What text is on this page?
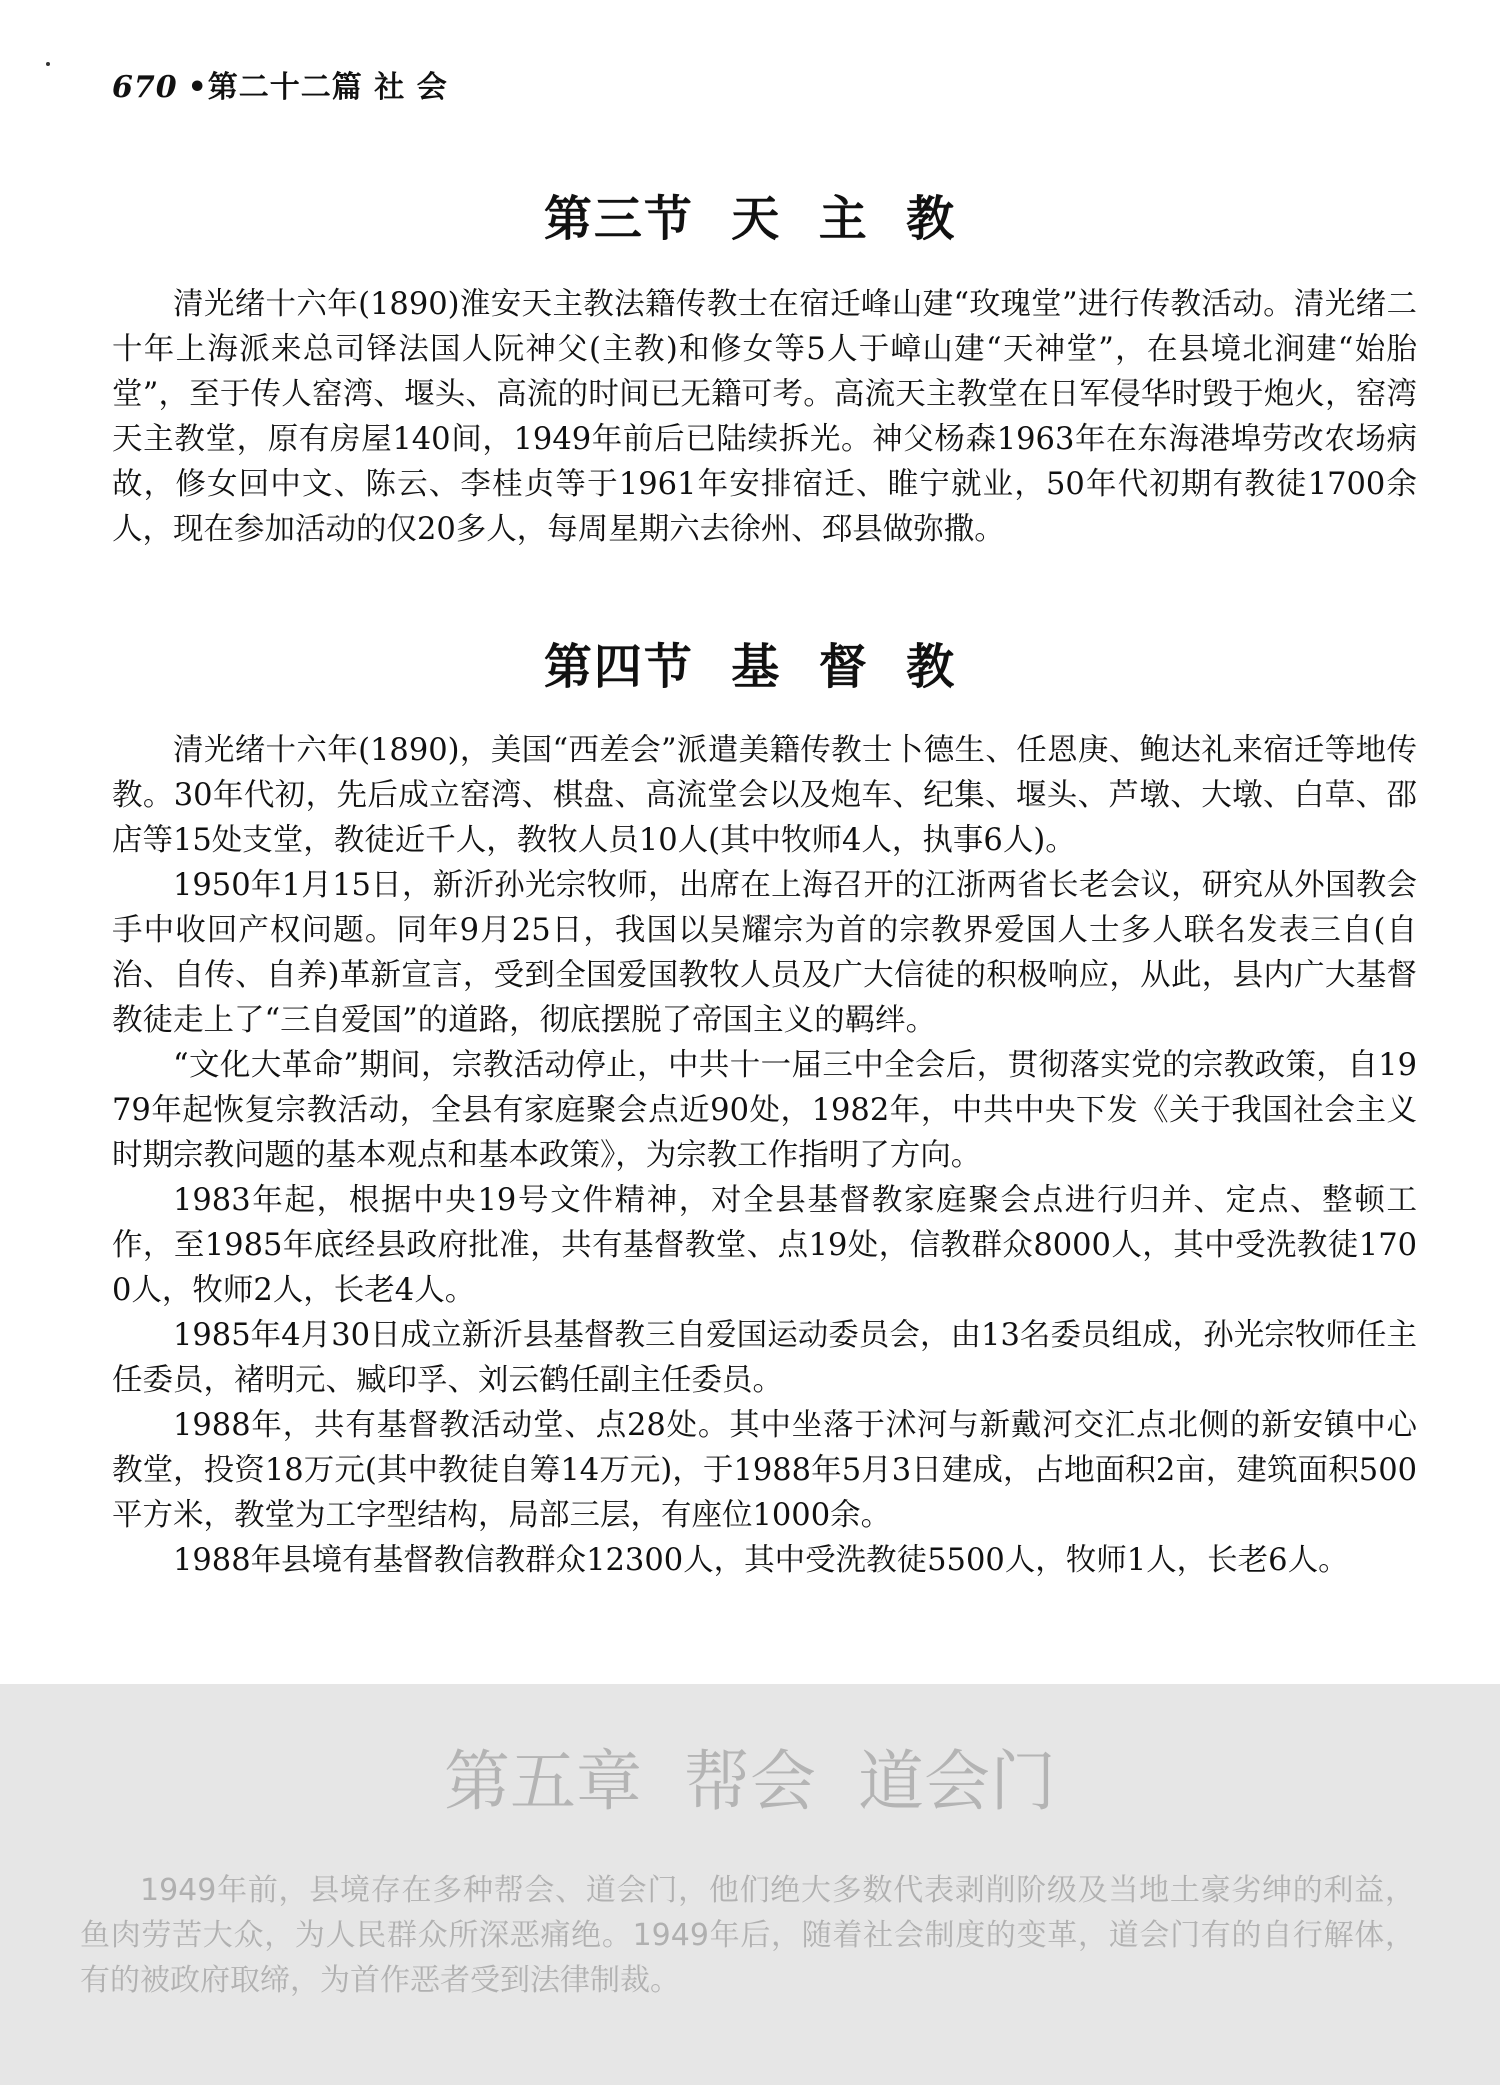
670 •第二十二篇 社 会
第三节  天  主  教

清光绪十六年(1890)淮安天主教法籍传教士在宿迁峰山建“玫瑰堂”进行传教活动。清光绪二十年上海派来总司铎法国人阮神父(主教)和修女等5人于嶂山建“天神堂”，在县境北涧建“始胎堂”，至于传人窑湾、堰头、高流的时间已无籍可考。高流天主教堂在日军侵华时毁于炮火，窑湾天主教堂，原有房屋140间，1949年前后已陆续拆光。神父杨森1963年在东海港埠劳改农场病故，修女回中文、陈云、李桂贞等于1961年安排宿迁、睢宁就业，50年代初期有教徒1700余人，现在参加活动的仅20多人，每周星期六去徐州、邳县做弥撒。

第四节  基  督  教

清光绪十六年(1890)，美国“西差会”派遣美籍传教士卜德生、任恩庚、鲍达礼来宿迁等地传教。30年代初，先后成立窑湾、棋盘、高流堂会以及炮车、纪集、堰头、芦墩、大墩、白草、邵店等15处支堂，教徒近千人，教牧人员10人(其中牧师4人，执事6人)。

1950年1月15日，新沂孙光宗牧师，出席在上海召开的江浙两省长老会议，研究从外国教会手中收回产权问题。同年9月25日，我国以吴耀宗为首的宗教界爱国人士多人联名发表三自(自治、自传、自养)革新宣言，受到全国爱国教牧人员及广大信徒的积极响应，从此，县内广大基督教徒走上了“三自爱国”的道路，彻底摆脱了帝国主义的羁绊。

“文化大革命”期间，宗教活动停止，中共十一届三中全会后，贯彻落实党的宗教政策，自1979年起恢复宗教活动，全县有家庭聚会点近90处，1982年，中共中央下发《关于我国社会主义时期宗教问题的基本观点和基本政策》，为宗教工作指明了方向。

1983年起，根据中央19号文件精神，对全县基督教家庭聚会点进行归并、定点、整顿工作，至1985年底经县政府批准，共有基督教堂、点19处，信教群众8000人，其中受洗教徒1700人，牧师2人，长老4人。

1985年4月30日成立新沂县基督教三自爱国运动委员会，由13名委员组成，孙光宗牧师任主任委员，褚明元、臧印孚、刘云鹤任副主任委员。

1988年，共有基督教活动堂、点28处。其中坐落于沭河与新戴河交汇点北侧的新安镇中心教堂，投资18万元(其中教徒自筹14万元)，于1988年5月3日建成，占地面积2亩，建筑面积500平方米，教堂为工字型结构，局部三层，有座位1000余。

1988年县境有基督教信教群众12300人，其中受洗教徒5500人，牧师1人，长老6人。

第五章  帮会  道会门

1949年前，县境存在多种帮会、道会门，他们绝大多数代表剥削阶级及当地土豪劣绅的利益，鱼肉劳苦大众，为人民群众所深恶痛绝。1949年后，随着社会制度的变革，道会门有的自行解体，有的被政府取缔，为首作恶者受到法律制裁。
